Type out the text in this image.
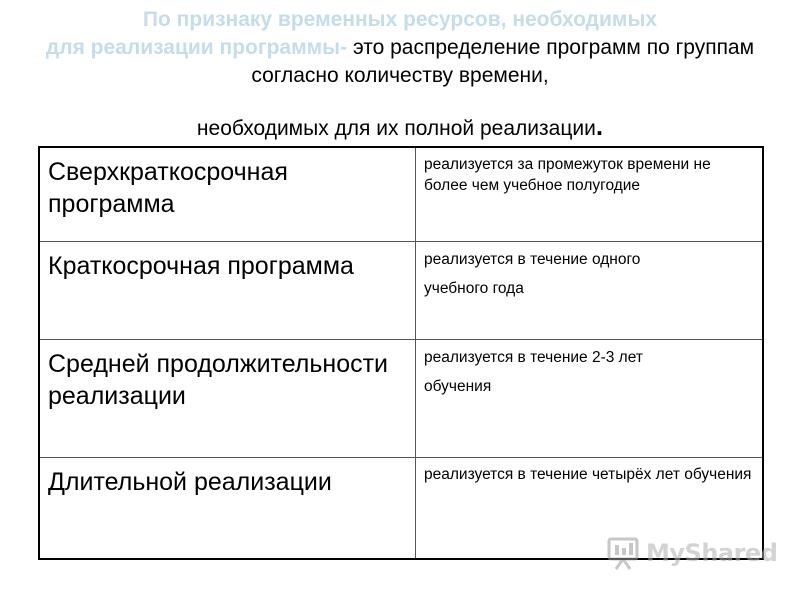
По признаку временных ресурсов, необходимых
для реализации программы- это распределение программ по группам согласно количеству времени,
необходимых для их полной реализации.
Сверхкраткосрочная программа	реализуется за промежуток времени не более чем учебное полугодие
Краткосрочная программа	реализуется в течение одного
учебного года

Средней продолжительности реализации	реализуется в течение 2-3 лет
обучения

Длительной реализации	реализуется в течение четырёх лет обучения
MyShared
